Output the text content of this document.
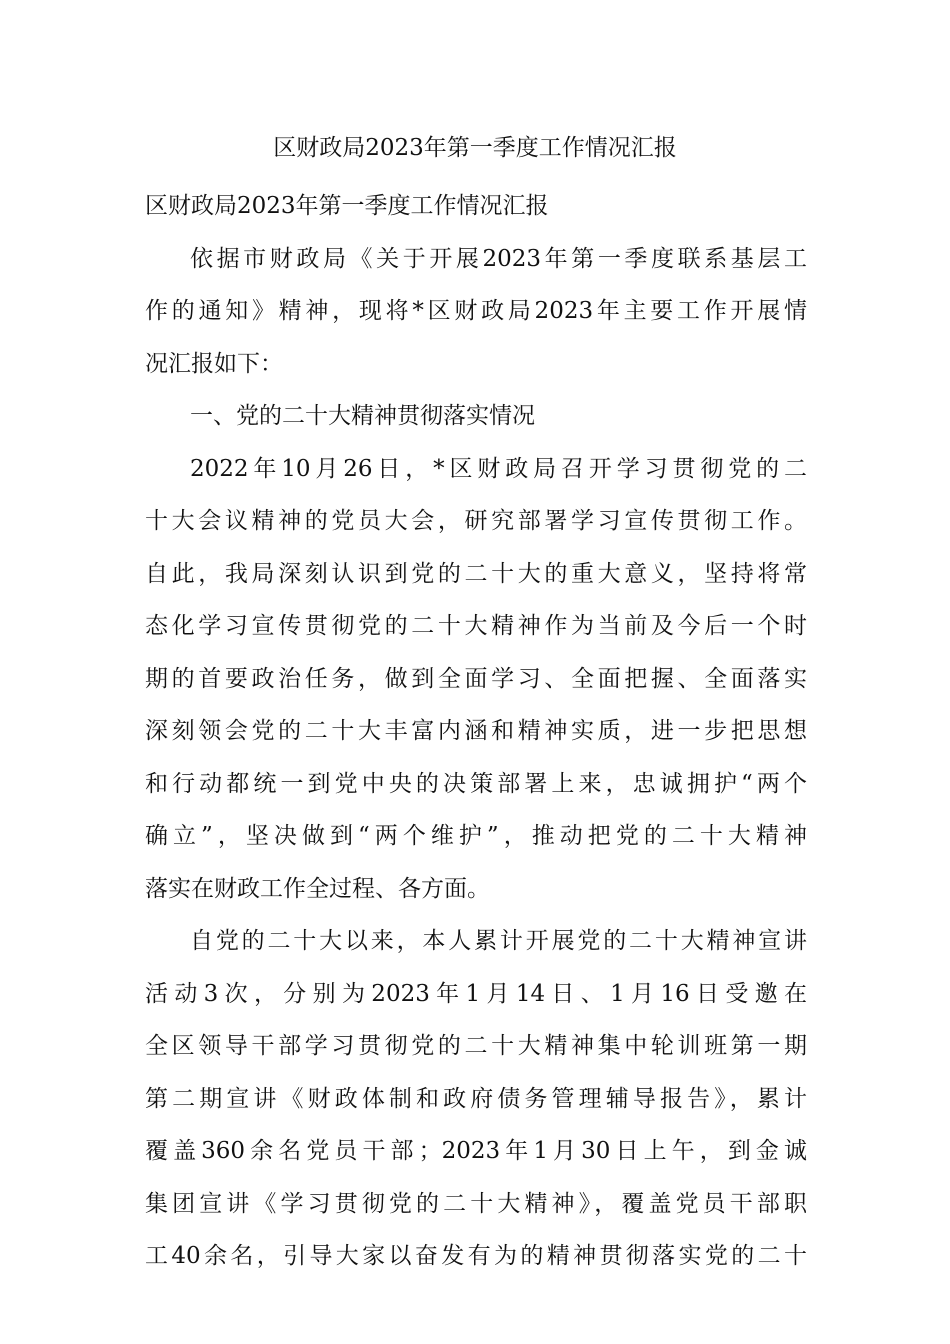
区财政局2023年第一季度工作情况汇报
区财政局2023年第一季度工作情况汇报
依据市财政局《关于开展2023年第一季度联系基层工
作的通知》精神，现将*区财政局2023年主要工作开展情
况汇报如下：
一、党的二十大精神贯彻落实情况
2022年10月26日，*区财政局召开学习贯彻党的二
十大会议精神的党员大会，研究部署学习宣传贯彻工作。
自此，我局深刻认识到党的二十大的重大意义，坚持将常
态化学习宣传贯彻党的二十大精神作为当前及今后一个时
期的首要政治任务，做到全面学习、全面把握、全面落实
深刻领会党的二十大丰富内涵和精神实质，进一步把思想
和行动都统一到党中央的决策部署上来，忠诚拥护“两个
确立”，坚决做到“两个维护”，推动把党的二十大精神
落实在财政工作全过程、各方面。
自党的二十大以来，本人累计开展党的二十大精神宣讲
活动3次，分别为2023年1月14日、1月16日受邀在
全区领导干部学习贯彻党的二十大精神集中轮训班第一期
第二期宣讲《财政体制和政府债务管理辅导报告》，累计
覆盖360余名党员干部；2023年1月30日上午，到金诚
集团宣讲《学习贯彻党的二十大精神》，覆盖党员干部职
工40余名，引导大家以奋发有为的精神贯彻落实党的二十
